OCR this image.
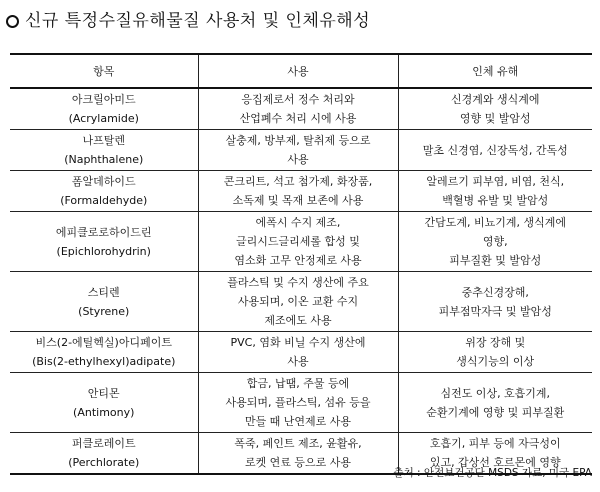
신규 특정수질유해물질 사용처 및 인체유해성
항목	사용	인체 유해

아크릴아미드
(Acrylamide)	응집제로서 정수 처리와
산업폐수 처리 시에 사용	신경계와 생식계에
영향 및 발암성

나프탈렌
(Naphthalene)	살충제, 방부제, 탈취제 등으로
사용	말초 신경염, 신장독성, 간독성

폼알데하이드
(Formaldehyde)	콘크리트, 석고 첨가제, 화장품,
소독제 및 목재 보존에 사용	알레르기 피부염, 비염, 천식,
백혈병 유발 및 발암성

에피클로로하이드린
(Epichlorohydrin)	에폭시 수지 제조,
글리시드글리세롤 합성 및
염소화 고무 안정제로 사용	간담도계, 비뇨기계, 생식계에
영향,
피부질환 및 발암성

스티렌
(Styrene)	플라스틱 및 수지 생산에 주요
사용되며, 이온 교환 수지
제조에도 사용	중추신경장해,
피부점막자극 및 발암성

비스(2-에틸헥실)아디페이트
(Bis(2-ethylhexyl)adipate)	PVC, 염화 비닐 수지 생산에
사용	위장 장해 및
생식기능의 이상

안티몬
(Antimony)	합금, 납땜, 주물 등에
사용되며, 플라스틱, 섬유 등을
만들 때 난연제로 사용	심전도 이상, 호흡기계,
순환기계에 영향 및 피부질환

퍼클로레이트
(Perchlorate)	폭죽, 페인트 제조, 윤활유,
로켓 연료 등으로 사용	호흡기, 피부 등에 자극성이
있고, 갑상선 호르몬에 영향
출처 : 안전보건공단 MSDS 자료, 미국 EPA
